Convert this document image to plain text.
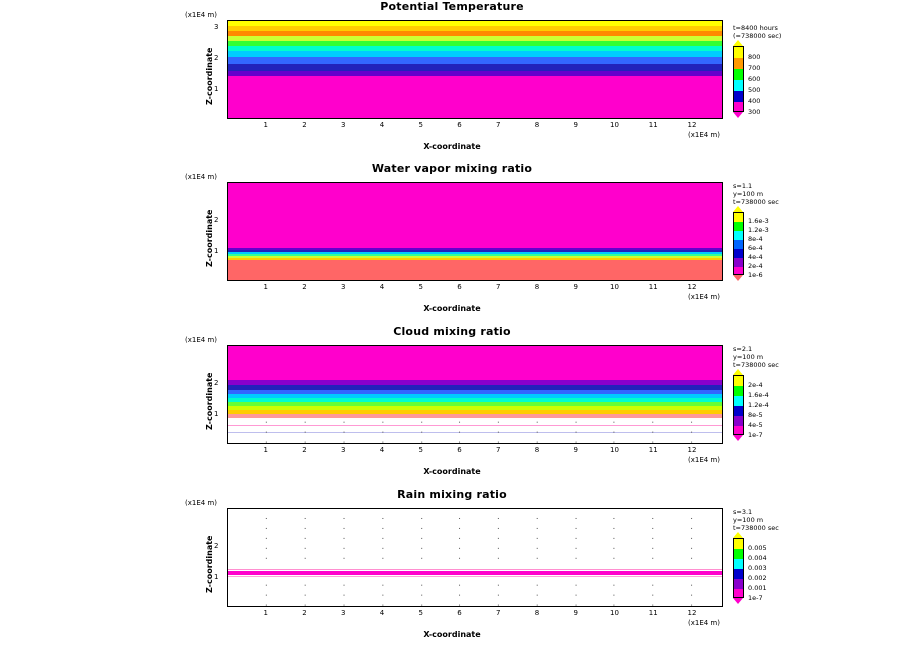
Potential Temperature
(x1E4 m)
Z-coordinate
3
2
1
1	2	3	4	5	6	7	8	9	10	11	12
(x1E4 m)
X-coordinate
t=8400 hours
(=738000 sec)
800
700
600
500
400
300
Water vapor mixing ratio
(x1E4 m)
Z-coordinate 2
1
1	2	3	4	5	6	7	8	9	10	11	12
(x1E4 m)
X-coordinate
s=1.1
y=100 m
t=738000 sec
1.6e-3
1.2e-3
8e-4
6e-4
4e-4
2e-4
1e-6
Cloud mixing ratio
(x1E4 m)
Z-coordinate 2
1
1	2	3	4	5	6	7	8	9	10	11	12
(x1E4 m)
X-coordinate
s=2.1
y=100 m
t=738000 sec
2e-4
1.6e-4
1.2e-4
8e-5
4e-5
1e-7
Rain mixing ratio
(x1E4 m)
Z-coordinate 2
1
1	2	3	4	5	6	7	8	9	10	11	12
(x1E4 m)
X-coordinate
s=3.1
y=100 m
t=738000 sec
0.005
0.004
0.003
0.002
0.001
1e-7
